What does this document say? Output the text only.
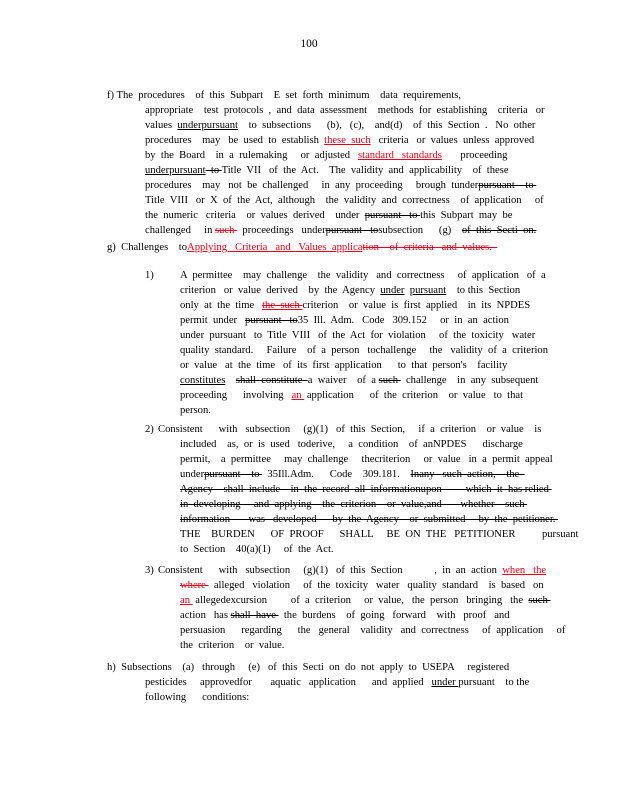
100
f) The procedures    of  this  Subpart    E  set  forth  minimum    data  requirements,
appropriate    test  protocols  ,  and  data  assessment    methods  for  establishing    criteria   or
values  underpursuant    to  subsections      (b),   (c),    and(d)    of  this  Section  .   No  other
procedures    may   be  used  to  establish  these  such   criteria   or  values  unless  approved
by  the  Board    in  a  rulemaking     or  adjusted   standard   standards       proceeding
underpursuant  to Title  VII   of  the  Act.    The  validity  and  applicability    of  these
procedures    may   not  be  challenged     in  any  proceeding     brough  tunderpursuant    to
Title  VIII   or  X  of  the  Act,  although    the  validity  and  correctness    of  application     of
the  numeric   criteria    or  values  derived    under  pursuant   to this  Subpart  may  be
challenged     in such   proceedings   underpursuant   tosubsection      (g)    of  this  Secti  on.
g)  Challenges toApplying   Criteria   and   Values  application    of  criteria   and  values.
1) A  permittee    may  challenge    the  validity   and  correctness     of  application   of  a
criterion   or  value  derived    by  the  Agency  under pursuant    to this  Section
only  at  the  time   the  such criterion    or  value  is  first  applied    in  its  NPDES
permit  under   pursuant   to35  Ill.  Adm.   Code   309.152     or  in  an  action
under  pursuant   to  Title  VIII   of  the  Act  for  violation     of  the  toxicity   water
quality  standard.     Failure    of  a  person   tochallenge     the   validity  of  a  criterion
or  value   at  the  time   of  its  first  application      to  that  person's    facility
constitutes shall  constitute  a  waiver    of  a such   challenge    in  any  subsequent
proceeding      involving   an  application      of  the  criterion    or  value   to  that
person.
2) Consistent      with   subsection     (g)(1)   of  this  Section,     if  a  criterion    or  value    is
included    as,  or  is  used   toderive,     a  condition    of  anNPDES      discharge
permit,    a  permittee     may  challenge     thecriterion     or  value   in  a  permit  appeal
underpursuant    to   35Ill.Adm.      Code    309.181.    Inany   such  action,    the
Agency    shall  include    in  the  record  all  informationupon         which  it  has relied
in  developing     and  applying    the  criterion    or  value,and       whether    such
information       was   developed      by  the  Agency    or  submitted     by  the  petitioner.
THE    BURDEN      OF  PROOF      SHALL     BE  ON  THE   PETITIONER          pursuant
to  Section    40(a)(1)     of  the  Act.
3) Consistent      with   subsection     (g)(1)   of  this  Section            ,  in  an  action  when   the
where   alleged   violation     of  the  toxicity   water   quality  standard    is  based   on
an  allegedexcursion         of  a  criterion     or  value,   the  person   bringing   the  such
action   has shall  have   the  burdens    of  going   forward    with   proof   and
persuasion      regarding      the   general    validity   and  correctness     of  application     of
the  criterion    or  value.
h)  Subsections (a)   through     (e)   of  this  Secti  on  do  not  apply  to  USEPA     registered
pesticides     approvedfor       aquatic   application      and  applied   under pursuant    to the
following      conditions:
